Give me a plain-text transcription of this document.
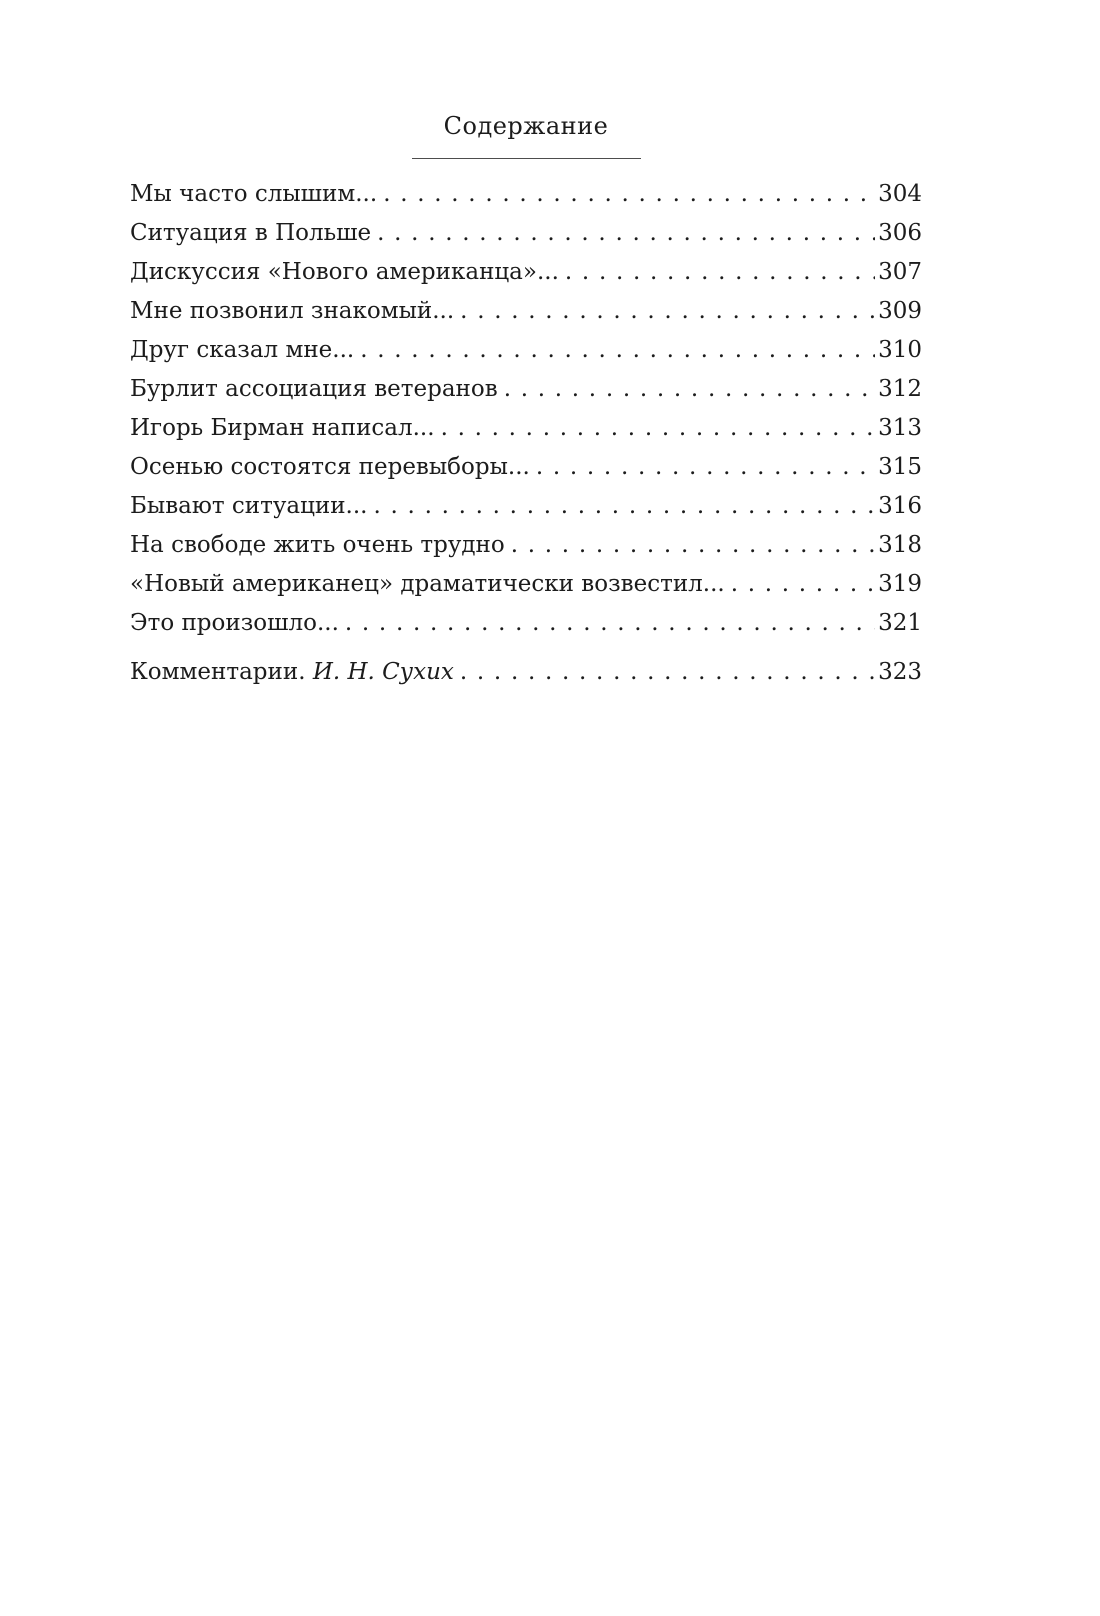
Содержание
Мы часто слышим... . . .	304
Ситуация в Польше . . .	306
Дискуссия «Нового американца»... . . .	307
Мне позвонил знакомый... . . .	309
Друг сказал мне... . . .	310
Бурлит ассоциация ветеранов . . .	312
Игорь Бирман написал... . . .	313
Осенью состоятся перевыборы... . . .	315
Бывают ситуации... . . .	316
На свободе жить очень трудно . . .	318
«Новый американец» драматически возвестил... . . .	319
Это произошло... . . .	321
Комментарии. И. Н. Сухих . . .	323
